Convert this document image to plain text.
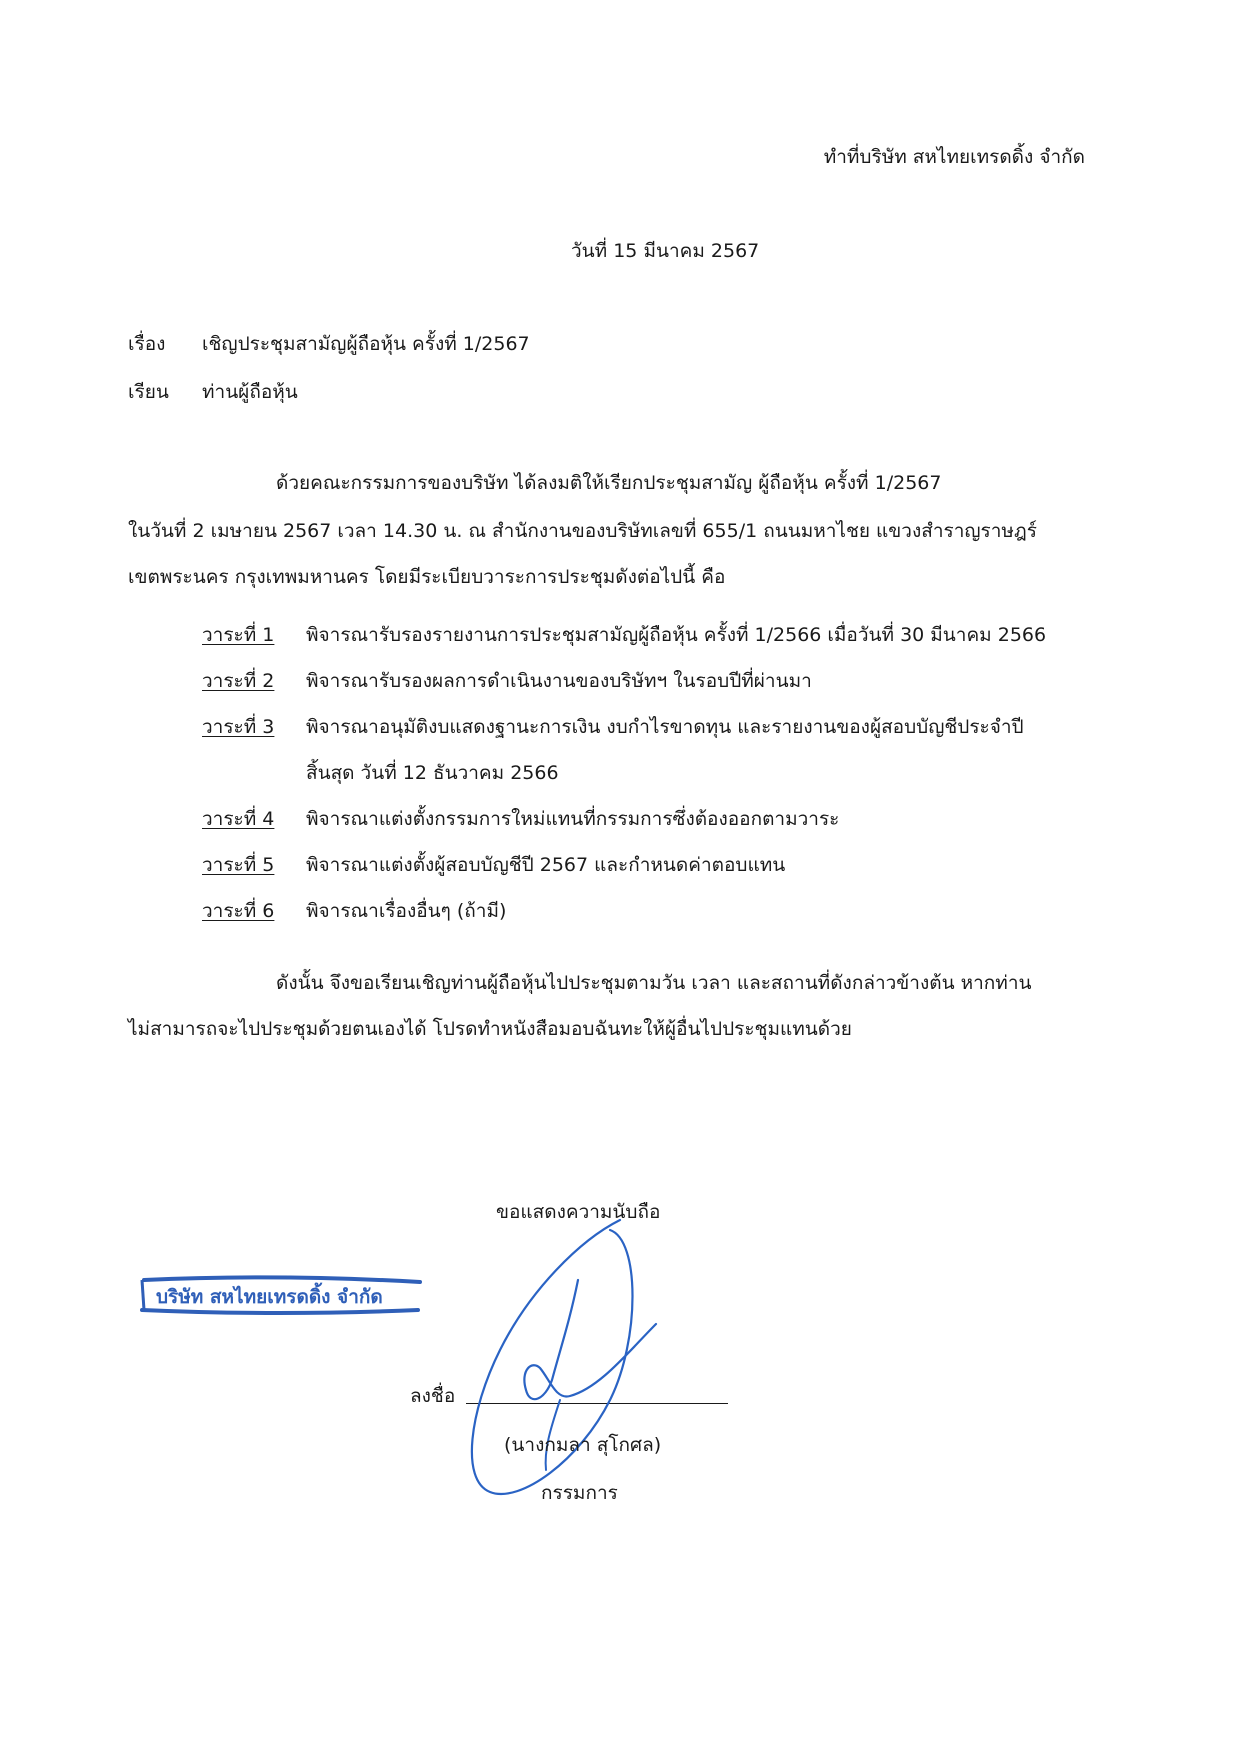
ทำที่บริษัท สหไทยเทรดดิ้ง จำกัด
วันที่ 15 มีนาคม 2567
เรื่อง เชิญประชุมสามัญผู้ถือหุ้น ครั้งที่ 1/2567
เรียน ท่านผู้ถือหุ้น
ด้วยคณะกรรมการของบริษัท ได้ลงมติให้เรียกประชุมสามัญ ผู้ถือหุ้น ครั้งที่ 1/2567
ในวันที่ 2 เมษายน 2567 เวลา 14.30 น. ณ สำนักงานของบริษัทเลขที่ 655/1 ถนนมหาไชย แขวงสำราญราษฎร์
เขตพระนคร กรุงเทพมหานคร โดยมีระเบียบวาระการประชุมดังต่อไปนี้ คือ
วาระที่ 1 พิจารณารับรองรายงานการประชุมสามัญผู้ถือหุ้น ครั้งที่ 1/2566 เมื่อวันที่ 30 มีนาคม 2566
วาระที่ 2 พิจารณารับรองผลการดำเนินงานของบริษัทฯ ในรอบปีที่ผ่านมา
วาระที่ 3 พิจารณาอนุมัติงบแสดงฐานะการเงิน งบกำไรขาดทุน และรายงานของผู้สอบบัญชีประจำปี
สิ้นสุด วันที่ 12 ธันวาคม 2566
วาระที่ 4 พิจารณาแต่งตั้งกรรมการใหม่แทนที่กรรมการซึ่งต้องออกตามวาระ
วาระที่ 5 พิจารณาแต่งตั้งผู้สอบบัญชีปี 2567 และกำหนดค่าตอบแทน
วาระที่ 6 พิจารณาเรื่องอื่นๆ (ถ้ามี)
ดังนั้น จึงขอเรียนเชิญท่านผู้ถือหุ้นไปประชุมตามวัน เวลา และสถานที่ดังกล่าวข้างต้น หากท่าน
ไม่สามารถจะไปประชุมด้วยตนเองได้ โปรดทำหนังสือมอบฉันทะให้ผู้อื่นไปประชุมแทนด้วย
ขอแสดงความนับถือ
บริษัท สหไทยเทรดดิ้ง จำกัด
ลงชื่อ
(นางกมลา สุโกศล)
กรรมการ
